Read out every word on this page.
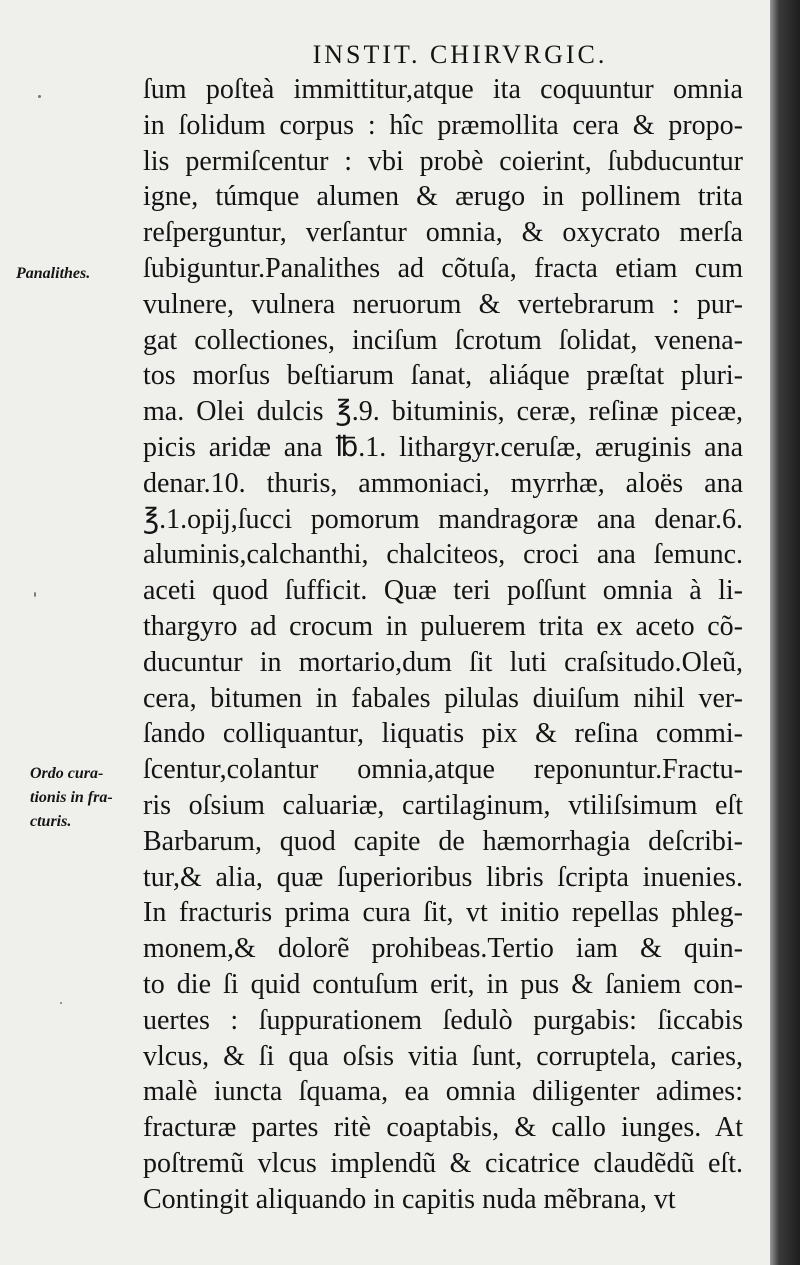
INSTIT. CHIRVRGIC.
Panalithes.
Ordo cura-
tionis in fra-
cturis.
ſum poſteà immittitur,atque ita coquuntur omnia
in ſolidum corpus : hîc præmollita cera & propo-
lis permiſcentur : vbi probè coierint, ſubducuntur
igne, túmque alumen & ærugo in pollinem trita
reſperguntur, verſantur omnia, & oxycrato merſa
ſubiguntur.Panalithes ad cõtuſa, fracta etiam cum
vulnere, vulnera neruorum & vertebrarum : pur-
gat collectiones, inciſum ſcrotum ſolidat, venena-
tos morſus beſtiarum ſanat, aliáque præſtat pluri-
ma. Olei dulcis ℥.9. bituminis, ceræ, reſinæ piceæ,
picis aridæ ana ℔.1. lithargyr.ceruſæ, æruginis ana
denar.10. thuris, ammoniaci, myrrhæ, aloës ana
℥.1.opij,ſucci pomorum mandragoræ ana denar.6.
aluminis,calchanthi, chalciteos, croci ana ſemunc.
aceti quod ſufficit. Quæ teri poſſunt omnia à li-
thargyro ad crocum in puluerem trita ex aceto cõ-
ducuntur in mortario,dum ſit luti craſsitudo.Oleũ,
cera, bitumen in fabales pilulas diuiſum nihil ver-
ſando colliquantur, liquatis pix & reſina commi-
ſcentur,colantur omnia,atque reponuntur.Fractu-
ris oſsium caluariæ, cartilaginum, vtiliſsimum eſt
Barbarum, quod capite de hæmorrhagia deſcribi-
tur,& alia, quæ ſuperioribus libris ſcripta inuenies.
In fracturis prima cura ſit, vt initio repellas phleg-
monem,& dolorẽ prohibeas.Tertio iam & quin-
to die ſi quid contuſum erit, in pus & ſaniem con-
uertes : ſuppurationem ſedulò purgabis: ſiccabis
vlcus, & ſi qua oſsis vitia ſunt, corruptela, caries,
malè iuncta ſquama, ea omnia diligenter adimes:
fracturæ partes ritè coaptabis, & callo iunges. At
poſtremũ vlcus implendũ & cicatrice claudẽdũ eſt.
Contingit aliquando in capitis nuda mẽbrana, vt
